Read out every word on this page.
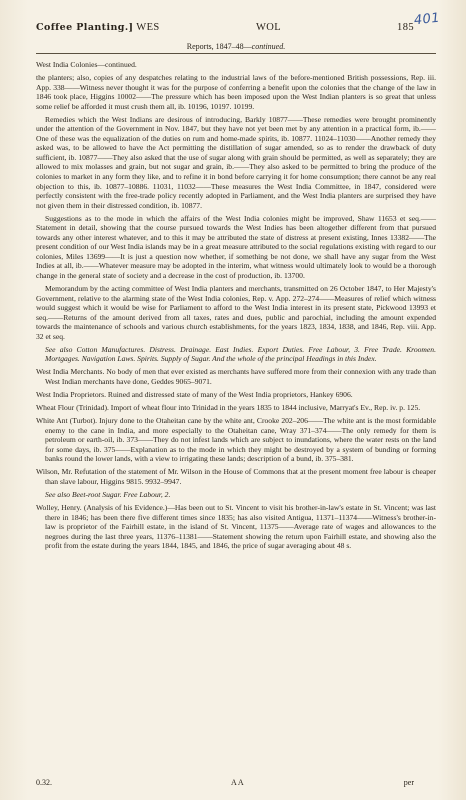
Coffee Planting.] WES	WOL	185 401
Reports, 1847–48—continued.

West India Colonies—continued.

the planters; also, copies of any despatches relating to the industrial laws of the before-mentioned British possessions, Rep. iii. App. 338——Witness never thought it was for the purpose of conferring a benefit upon the colonies that the change of the law in 1846 took place, Higgins 10002——The pressure which has been imposed upon the West Indian planters is so great that unless some relief be afforded it must crush them all, ib. 10196, 10197. 10199.

Remedies which the West Indians are desirous of introducing, Barkly 10877——These remedies were brought prominently under the attention of the Government in Nov. 1847, but they have not yet been met by any attention in a practical form, ib.——One of these was the equalization of the duties on rum and home-made spirits, ib. 10877. 11024–11030——Another remedy they asked was, to be allowed to have the Act permitting the distillation of sugar amended, so as to render the drawback of duty sufficient, ib. 10877——They also asked that the use of sugar along with grain should be permitted, as well as separately; they are allowed to mix molasses and grain, but not sugar and grain, ib.——They also asked to be permitted to bring the produce of the colonies to market in any form they like, and to refine it in bond before carrying it for home consumption; there cannot be any real objection to this, ib. 10877–10886. 11031, 11032——These measures the West India Committee, in 1847, considered were perfectly consistent with the free-trade policy recently adopted in Parliament, and the West India planters are surprised they have not given them in their distressed condition, ib. 10877.

Suggestions as to the mode in which the affairs of the West India colonies might be improved, Shaw 11653 et seq.——Statement in detail, showing that the course pursued towards the West Indies has been altogether different from that pursued towards any other interest whatever, and to this it may be attributed the state of distress at present existing, Innes 13382——The present condition of our West India islands may be in a great measure attributed to the social regulations existing with regard to our colonies, Miles 13699——It is just a question now whether, if something be not done, we shall have any sugar from the West Indies at all, ib.——Whatever measure may be adopted in the interim, what witness would ultimately look to would be a thorough change in the general state of society and a decrease in the cost of production, ib. 13700.

Memorandum by the acting committee of West India planters and merchants, transmitted on 26 October 1847, to Her Majesty's Government, relative to the alarming state of the West India colonies, Rep. v. App. 272–274——Measures of relief which witness would suggest which it would be wise for Parliament to afford to the West India interest in its present state, Pickwood 13993 et seq.——Returns of the amount derived from all taxes, rates and dues, public and parochial, including the amount expended towards the maintenance of schools and various church establishments, for the years 1823, 1834, 1838, and 1846, Rep. viii. App. 32 et seq.

See also Cotton Manufactures. Distress. Drainage. East Indies. Export Duties. Free Labour, 3. Free Trade. Kroomen. Mortgages. Navigation Laws. Spirits. Supply of Sugar. And the whole of the principal Headings in this Index.

West India Merchants. No body of men that ever existed as merchants have suffered more from their connexion with any trade than West Indian merchants have done, Geddes 9065–9071.

West India Proprietors. Ruined and distressed state of many of the West India proprietors, Hankey 6906.

Wheat Flour (Trinidad). Import of wheat flour into Trinidad in the years 1835 to 1844 inclusive, Marryat's Ev., Rep. iv. p. 125.

White Ant (Turbot). Injury done to the Otaheitan cane by the white ant, Crooke 202–206——The white ant is the most formidable enemy to the cane in India, and more especially to the Otaheitan cane, Wray 371–374——The only remedy for them is petroleum or earth-oil, ib. 373——They do not infest lands which are subject to inundations, where the water rests on the land for some days, ib. 375——Explanation as to the mode in which they might be destroyed by a system of bunding or forming banks round the lower lands, with a view to irrigating these lands; description of a bund, ib. 375–381.

Wilson, Mr. Refutation of the statement of Mr. Wilson in the House of Commons that at the present moment free labour is cheaper than slave labour, Higgins 9815. 9932–9947.

See also Beet-root Sugar. Free Labour, 2.

Wolley, Henry. (Analysis of his Evidence.)—Has been out to St. Vincent to visit his brother-in-law's estate in St. Vincent; was last there in 1846; has been there five different times since 1835; has also visited Antigua, 11371–11374——Witness's brother-in-law is proprietor of the Fairhill estate, in the island of St. Vincent, 11375——Average rate of wages and allowances to the negroes during the last three years, 11376–11381——Statement showing the return upon Fairhill estate, and showing also the profit from the estate during the years 1844, 1845, and 1846, the price of sugar averaging about 48 s.

0.32.	A A	per
